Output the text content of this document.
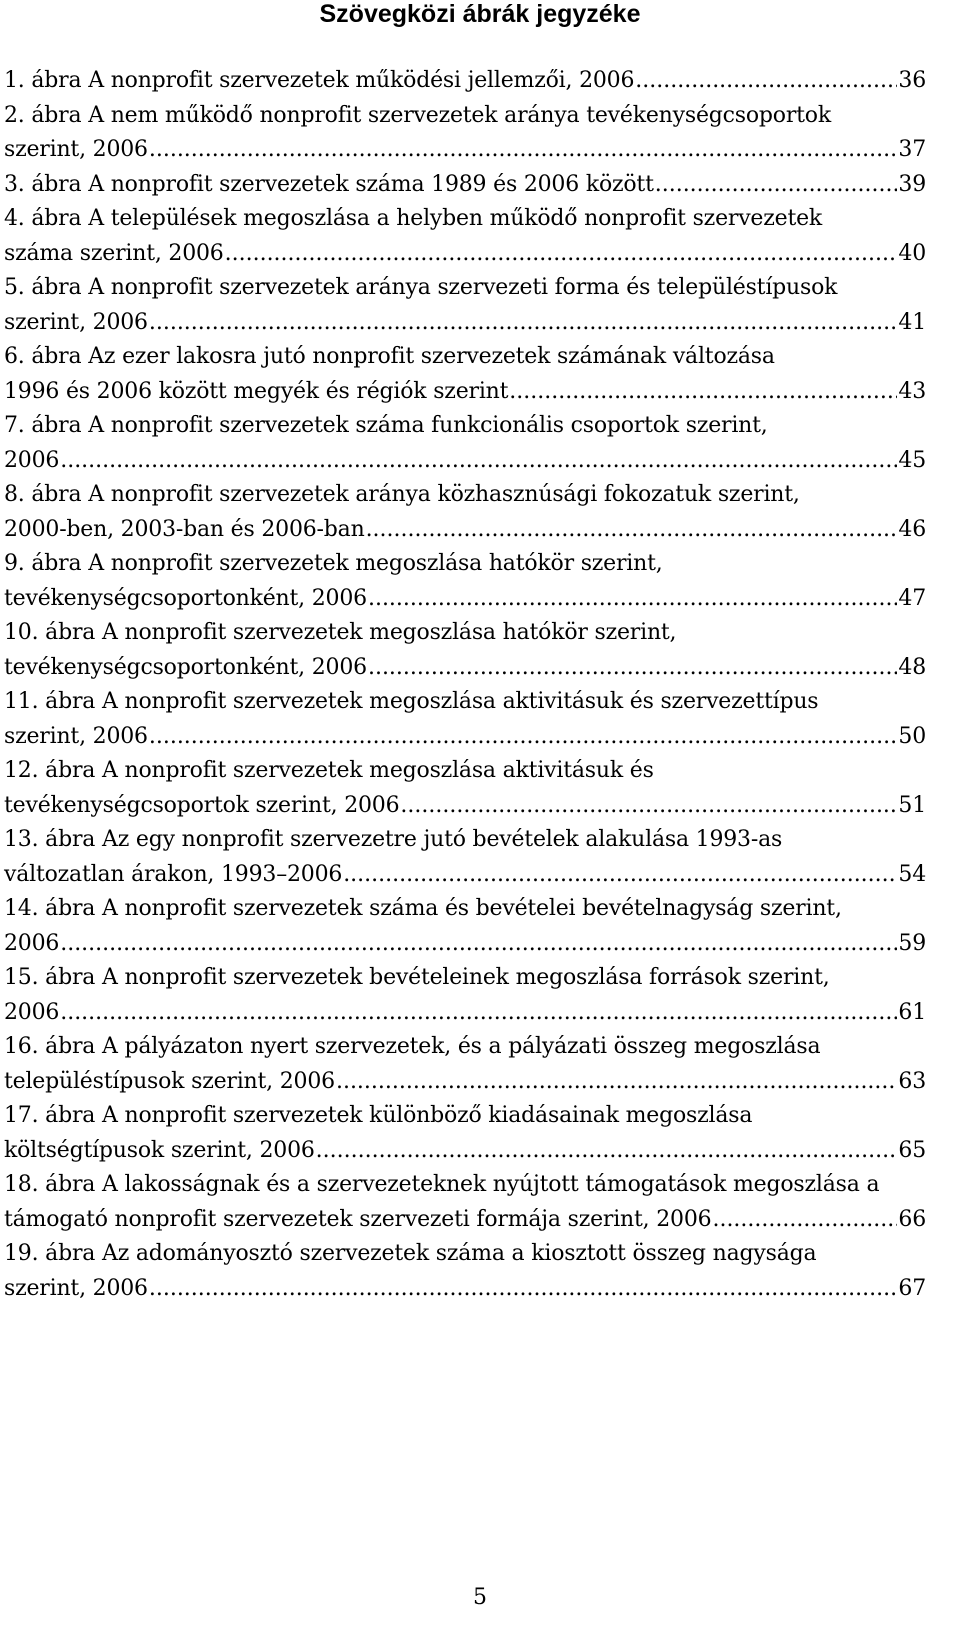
Szövegközi ábrák jegyzéke
1. ábra A nonprofit szervezetek működési jellemzői, 2006 .....	36
2. ábra A nem működő nonprofit szervezetek aránya tevékenységcsoportok
szerint, 2006 .....	37
3. ábra A nonprofit szervezetek száma 1989 és 2006 között .....	39
4. ábra A települések megoszlása a helyben működő nonprofit szervezetek
száma szerint, 2006 .....	40
5. ábra A nonprofit szervezetek aránya szervezeti forma és településtípusok
szerint, 2006 .....	41
6. ábra Az ezer lakosra jutó nonprofit szervezetek számának változása
1996 és 2006 között megyék és régiók szerint .....	43
7. ábra A nonprofit szervezetek száma funkcionális csoportok szerint,
2006 .....	45
8. ábra A nonprofit szervezetek aránya közhasznúsági fokozatuk szerint,
2000-ben, 2003-ban és 2006-ban .....	46
9. ábra A nonprofit szervezetek megoszlása hatókör szerint,
tevékenységcsoportonként, 2006 .....	47
10. ábra A nonprofit szervezetek megoszlása hatókör szerint,
tevékenységcsoportonként, 2006 .....	48
11. ábra A nonprofit szervezetek megoszlása aktivitásuk és szervezettípus
szerint, 2006 .....	50
12. ábra A nonprofit szervezetek megoszlása aktivitásuk és
tevékenységcsoportok szerint, 2006 .....	51
13. ábra Az egy nonprofit szervezetre jutó bevételek alakulása 1993-as
változatlan árakon, 1993–2006 .....	54
14. ábra A nonprofit szervezetek száma és bevételei bevételnagyság szerint,
2006 .....	59
15. ábra A nonprofit szervezetek bevételeinek megoszlása források szerint,
2006 .....	61
16. ábra A pályázaton nyert szervezetek, és a pályázati összeg megoszlása
településtípusok szerint, 2006 .....	63
17. ábra A nonprofit szervezetek különböző kiadásainak megoszlása
költségtípusok szerint, 2006 .....	65
18. ábra A lakosságnak és a szervezeteknek nyújtott támogatások megoszlása a
támogató nonprofit szervezetek szervezeti formája szerint, 2006 .....	66
19. ábra Az adományosztó szervezetek száma a kiosztott összeg nagysága
szerint, 2006 .....	67
5
